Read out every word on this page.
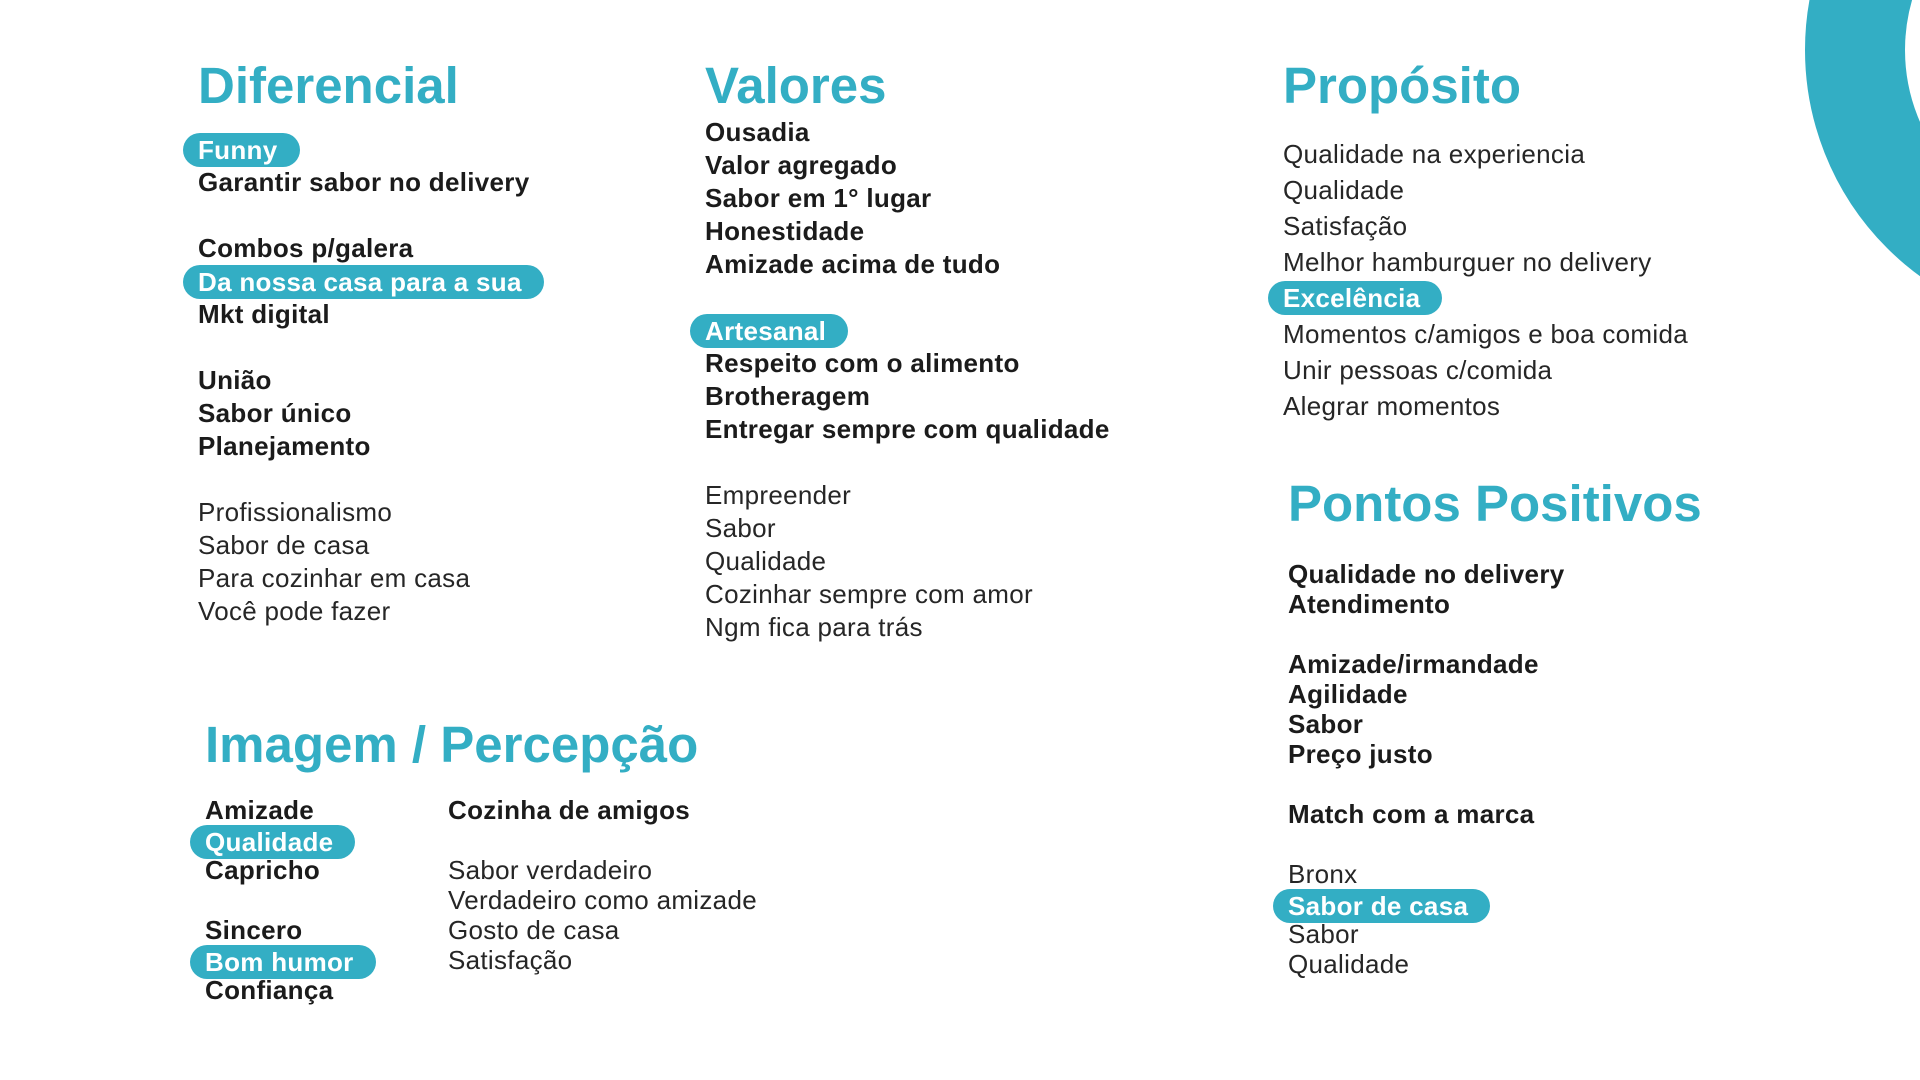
Diferencial
Funny
Garantir sabor no delivery
Combos p/galera
Da nossa casa para a sua
Mkt digital
União
Sabor único
Planejamento
Profissionalismo
Sabor de casa
Para cozinhar em casa
Você pode fazer
Valores
Ousadia
Valor agregado
Sabor em 1° lugar
Honestidade
Amizade acima de tudo
Artesanal
Respeito com o alimento
Brotheragem
Entregar sempre com qualidade
Empreender
Sabor
Qualidade
Cozinhar sempre com amor
Ngm fica para trás
Propósito
Qualidade na experiencia
Qualidade
Satisfação
Melhor hamburguer no delivery
Excelência
Momentos c/amigos e boa comida
Unir pessoas c/comida
Alegrar momentos
Pontos Positivos
Qualidade no delivery
Atendimento
Amizade/irmandade
Agilidade
Sabor
Preço justo
Match com a marca
Bronx
Sabor de casa
Sabor
Qualidade
Imagem / Percepção
Amizade
Qualidade
Capricho
Sincero
Bom humor
Confiança
Cozinha de amigos
Sabor verdadeiro
Verdadeiro como amizade
Gosto de casa
Satisfação
